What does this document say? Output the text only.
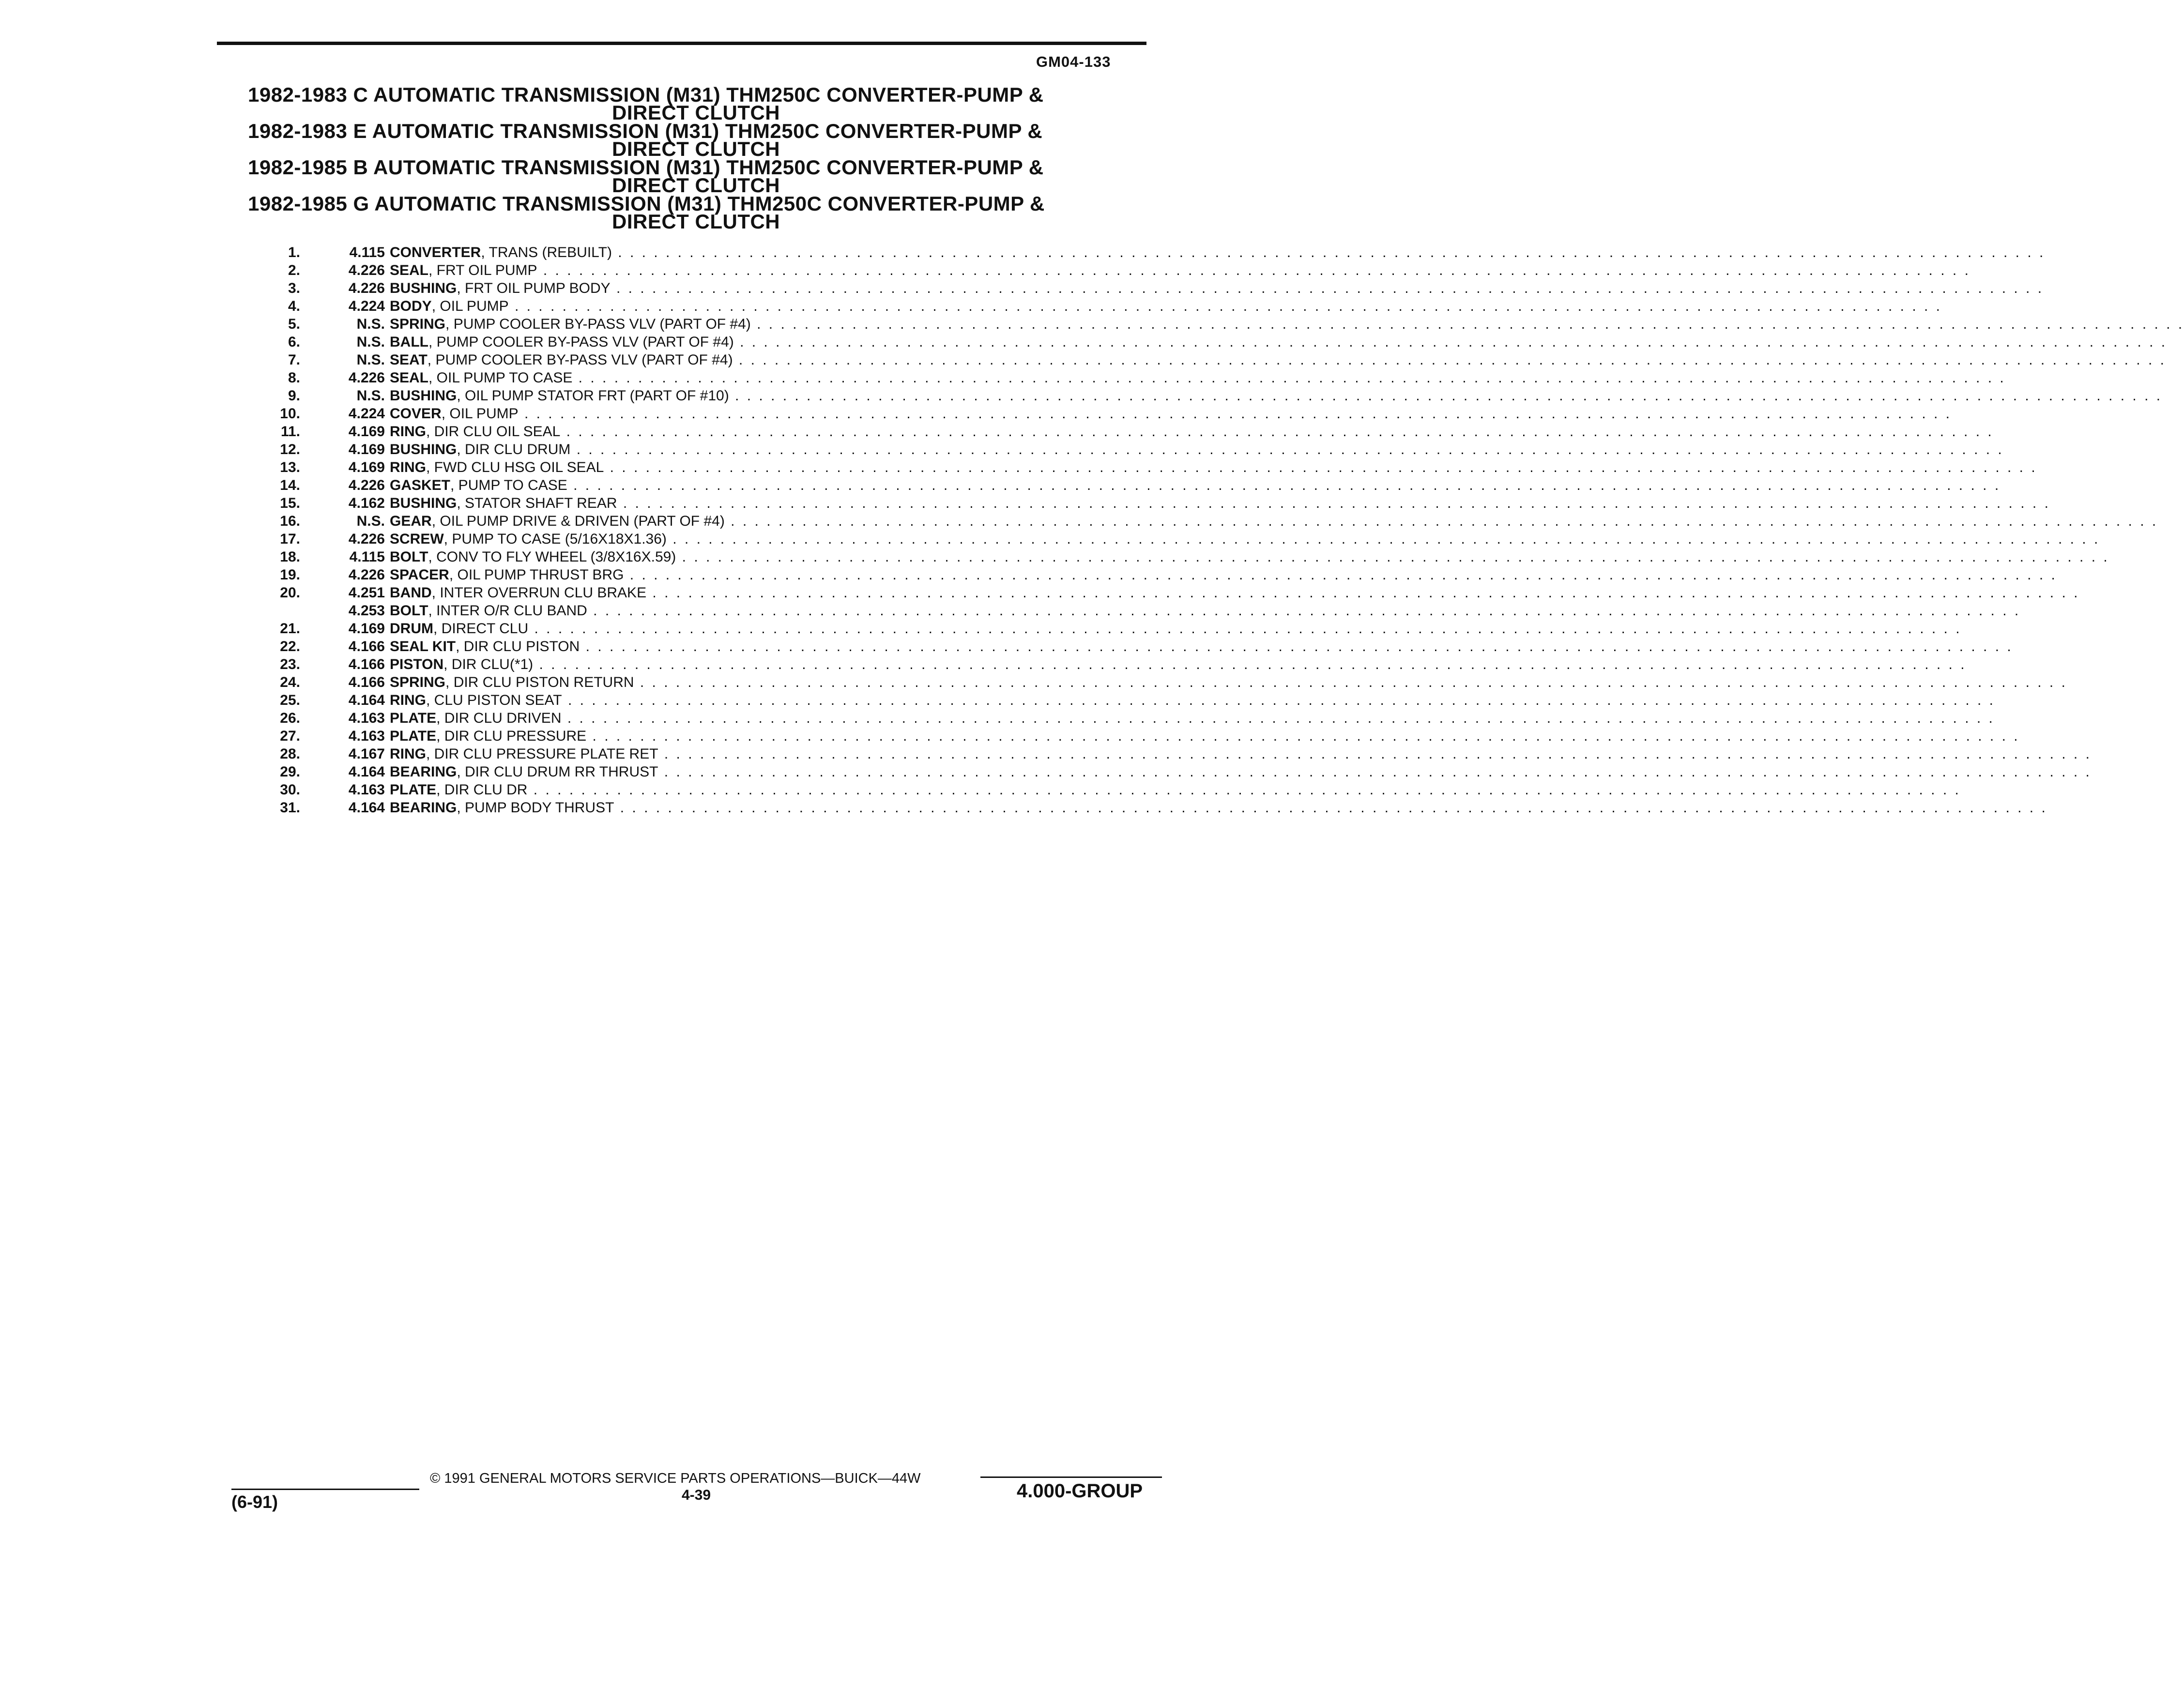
GM04-133
1982-1983 C AUTOMATIC TRANSMISSION (M31) THM250C CONVERTER-PUMP &
DIRECT CLUTCH
1982-1983 E AUTOMATIC TRANSMISSION (M31) THM250C CONVERTER-PUMP &
DIRECT CLUTCH
1982-1985 B AUTOMATIC TRANSMISSION (M31) THM250C CONVERTER-PUMP &
DIRECT CLUTCH
1982-1985 G AUTOMATIC TRANSMISSION (M31) THM250C CONVERTER-PUMP &
DIRECT CLUTCH
1.	4.115 CONVERTER, TRANS (REBUILT) . . . . . . . . . . . . . . . . . . . . . . . . . . . . . . . . . . . . . . . . . . . . . . . . . . . . . . . . . . . . . . . . . . . . . . . . . . . . . . . . . . . . . . . . . . . . . . . . . . . . . . . . . . . . . . . . . . . . . . . .
2.	4.226 SEAL, FRT OIL PUMP . . . . . . . . . . . . . . . . . . . . . . . . . . . . . . . . . . . . . . . . . . . . . . . . . . . . . . . . . . . . . . . . . . . . . . . . . . . . . . . . . . . . . . . . . . . . . . . . . . . . . . . . . . . . . . . . . . . . . . . .
3.	4.226 BUSHING, FRT OIL PUMP BODY . . . . . . . . . . . . . . . . . . . . . . . . . . . . . . . . . . . . . . . . . . . . . . . . . . . . . . . . . . . . . . . . . . . . . . . . . . . . . . . . . . . . . . . . . . . . . . . . . . . . . . . . . . . . . . . . . . . . . . . .
4.	4.224 BODY, OIL PUMP . . . . . . . . . . . . . . . . . . . . . . . . . . . . . . . . . . . . . . . . . . . . . . . . . . . . . . . . . . . . . . . . . . . . . . . . . . . . . . . . . . . . . . . . . . . . . . . . . . . . . . . . . . . . . . . . . . . . . . . .
5.	N.S. SPRING, PUMP COOLER BY-PASS VLV (PART OF #4) . . . . . . . . . . . . . . . . . . . . . . . . . . . . . . . . . . . . . . . . . . . . . . . . . . . . . . . . . . . . . . . . . . . . . . . . . . . . . . . . . . . . . . . . . . . . . . . . . . . . . . . . . . . . . . . . . . . . . . . .
6.	N.S. BALL, PUMP COOLER BY-PASS VLV (PART OF #4) . . . . . . . . . . . . . . . . . . . . . . . . . . . . . . . . . . . . . . . . . . . . . . . . . . . . . . . . . . . . . . . . . . . . . . . . . . . . . . . . . . . . . . . . . . . . . . . . . . . . . . . . . . . . . . . . . . . . . . . .
7.	N.S. SEAT, PUMP COOLER BY-PASS VLV (PART OF #4) . . . . . . . . . . . . . . . . . . . . . . . . . . . . . . . . . . . . . . . . . . . . . . . . . . . . . . . . . . . . . . . . . . . . . . . . . . . . . . . . . . . . . . . . . . . . . . . . . . . . . . . . . . . . . . . . . . . . . . . .
8.	4.226 SEAL, OIL PUMP TO CASE . . . . . . . . . . . . . . . . . . . . . . . . . . . . . . . . . . . . . . . . . . . . . . . . . . . . . . . . . . . . . . . . . . . . . . . . . . . . . . . . . . . . . . . . . . . . . . . . . . . . . . . . . . . . . . . . . . . . . . . .
9.	N.S. BUSHING, OIL PUMP STATOR FRT (PART OF #10) . . . . . . . . . . . . . . . . . . . . . . . . . . . . . . . . . . . . . . . . . . . . . . . . . . . . . . . . . . . . . . . . . . . . . . . . . . . . . . . . . . . . . . . . . . . . . . . . . . . . . . . . . . . . . . . . . . . . . . . .
10.	4.224 COVER, OIL PUMP . . . . . . . . . . . . . . . . . . . . . . . . . . . . . . . . . . . . . . . . . . . . . . . . . . . . . . . . . . . . . . . . . . . . . . . . . . . . . . . . . . . . . . . . . . . . . . . . . . . . . . . . . . . . . . . . . . . . . . . .
11.	4.169 RING, DIR CLU OIL SEAL . . . . . . . . . . . . . . . . . . . . . . . . . . . . . . . . . . . . . . . . . . . . . . . . . . . . . . . . . . . . . . . . . . . . . . . . . . . . . . . . . . . . . . . . . . . . . . . . . . . . . . . . . . . . . . . . . . . . . . . .
12.	4.169 BUSHING, DIR CLU DRUM . . . . . . . . . . . . . . . . . . . . . . . . . . . . . . . . . . . . . . . . . . . . . . . . . . . . . . . . . . . . . . . . . . . . . . . . . . . . . . . . . . . . . . . . . . . . . . . . . . . . . . . . . . . . . . . . . . . . . . . .
13.	4.169 RING, FWD CLU HSG OIL SEAL . . . . . . . . . . . . . . . . . . . . . . . . . . . . . . . . . . . . . . . . . . . . . . . . . . . . . . . . . . . . . . . . . . . . . . . . . . . . . . . . . . . . . . . . . . . . . . . . . . . . . . . . . . . . . . . . . . . . . . . .
14.	4.226 GASKET, PUMP TO CASE . . . . . . . . . . . . . . . . . . . . . . . . . . . . . . . . . . . . . . . . . . . . . . . . . . . . . . . . . . . . . . . . . . . . . . . . . . . . . . . . . . . . . . . . . . . . . . . . . . . . . . . . . . . . . . . . . . . . . . . .
15.	4.162 BUSHING, STATOR SHAFT REAR . . . . . . . . . . . . . . . . . . . . . . . . . . . . . . . . . . . . . . . . . . . . . . . . . . . . . . . . . . . . . . . . . . . . . . . . . . . . . . . . . . . . . . . . . . . . . . . . . . . . . . . . . . . . . . . . . . . . . . . .
16.	N.S. GEAR, OIL PUMP DRIVE & DRIVEN (PART OF #4) . . . . . . . . . . . . . . . . . . . . . . . . . . . . . . . . . . . . . . . . . . . . . . . . . . . . . . . . . . . . . . . . . . . . . . . . . . . . . . . . . . . . . . . . . . . . . . . . . . . . . . . . . . . . . . . . . . . . . . . .
17.	4.226 SCREW, PUMP TO CASE (5/16X18X1.36) . . . . . . . . . . . . . . . . . . . . . . . . . . . . . . . . . . . . . . . . . . . . . . . . . . . . . . . . . . . . . . . . . . . . . . . . . . . . . . . . . . . . . . . . . . . . . . . . . . . . . . . . . . . . . . . . . . . . . . . .
18.	4.115 BOLT, CONV TO FLY WHEEL (3/8X16X.59) . . . . . . . . . . . . . . . . . . . . . . . . . . . . . . . . . . . . . . . . . . . . . . . . . . . . . . . . . . . . . . . . . . . . . . . . . . . . . . . . . . . . . . . . . . . . . . . . . . . . . . . . . . . . . . . . . . . . . . . .
19.	4.226 SPACER, OIL PUMP THRUST BRG . . . . . . . . . . . . . . . . . . . . . . . . . . . . . . . . . . . . . . . . . . . . . . . . . . . . . . . . . . . . . . . . . . . . . . . . . . . . . . . . . . . . . . . . . . . . . . . . . . . . . . . . . . . . . . . . . . . . . . . .
20.	4.251 BAND, INTER OVERRUN CLU BRAKE . . . . . . . . . . . . . . . . . . . . . . . . . . . . . . . . . . . . . . . . . . . . . . . . . . . . . . . . . . . . . . . . . . . . . . . . . . . . . . . . . . . . . . . . . . . . . . . . . . . . . . . . . . . . . . . . . . . . . . . .
4.253 BOLT, INTER O/R CLU BAND . . . . . . . . . . . . . . . . . . . . . . . . . . . . . . . . . . . . . . . . . . . . . . . . . . . . . . . . . . . . . . . . . . . . . . . . . . . . . . . . . . . . . . . . . . . . . . . . . . . . . . . . . . . . . . . . . . . . . . . .
21.	4.169 DRUM, DIRECT CLU . . . . . . . . . . . . . . . . . . . . . . . . . . . . . . . . . . . . . . . . . . . . . . . . . . . . . . . . . . . . . . . . . . . . . . . . . . . . . . . . . . . . . . . . . . . . . . . . . . . . . . . . . . . . . . . . . . . . . . . .
22.	4.166 SEAL KIT, DIR CLU PISTON . . . . . . . . . . . . . . . . . . . . . . . . . . . . . . . . . . . . . . . . . . . . . . . . . . . . . . . . . . . . . . . . . . . . . . . . . . . . . . . . . . . . . . . . . . . . . . . . . . . . . . . . . . . . . . . . . . . . . . . .
23.	4.166 PISTON, DIR CLU(*1) . . . . . . . . . . . . . . . . . . . . . . . . . . . . . . . . . . . . . . . . . . . . . . . . . . . . . . . . . . . . . . . . . . . . . . . . . . . . . . . . . . . . . . . . . . . . . . . . . . . . . . . . . . . . . . . . . . . . . . . .
24.	4.166 SPRING, DIR CLU PISTON RETURN . . . . . . . . . . . . . . . . . . . . . . . . . . . . . . . . . . . . . . . . . . . . . . . . . . . . . . . . . . . . . . . . . . . . . . . . . . . . . . . . . . . . . . . . . . . . . . . . . . . . . . . . . . . . . . . . . . . . . . . .
25.	4.164 RING, CLU PISTON SEAT . . . . . . . . . . . . . . . . . . . . . . . . . . . . . . . . . . . . . . . . . . . . . . . . . . . . . . . . . . . . . . . . . . . . . . . . . . . . . . . . . . . . . . . . . . . . . . . . . . . . . . . . . . . . . . . . . . . . . . . .
26.	4.163 PLATE, DIR CLU DRIVEN . . . . . . . . . . . . . . . . . . . . . . . . . . . . . . . . . . . . . . . . . . . . . . . . . . . . . . . . . . . . . . . . . . . . . . . . . . . . . . . . . . . . . . . . . . . . . . . . . . . . . . . . . . . . . . . . . . . . . . . .
27.	4.163 PLATE, DIR CLU PRESSURE . . . . . . . . . . . . . . . . . . . . . . . . . . . . . . . . . . . . . . . . . . . . . . . . . . . . . . . . . . . . . . . . . . . . . . . . . . . . . . . . . . . . . . . . . . . . . . . . . . . . . . . . . . . . . . . . . . . . . . . .
28.	4.167 RING, DIR CLU PRESSURE PLATE RET . . . . . . . . . . . . . . . . . . . . . . . . . . . . . . . . . . . . . . . . . . . . . . . . . . . . . . . . . . . . . . . . . . . . . . . . . . . . . . . . . . . . . . . . . . . . . . . . . . . . . . . . . . . . . . . . . . . . . . . .
29.	4.164 BEARING, DIR CLU DRUM RR THRUST . . . . . . . . . . . . . . . . . . . . . . . . . . . . . . . . . . . . . . . . . . . . . . . . . . . . . . . . . . . . . . . . . . . . . . . . . . . . . . . . . . . . . . . . . . . . . . . . . . . . . . . . . . . . . . . . . . . . . . . .
30.	4.163 PLATE, DIR CLU DR . . . . . . . . . . . . . . . . . . . . . . . . . . . . . . . . . . . . . . . . . . . . . . . . . . . . . . . . . . . . . . . . . . . . . . . . . . . . . . . . . . . . . . . . . . . . . . . . . . . . . . . . . . . . . . . . . . . . . . . .
31.	4.164 BEARING, PUMP BODY THRUST . . . . . . . . . . . . . . . . . . . . . . . . . . . . . . . . . . . . . . . . . . . . . . . . . . . . . . . . . . . . . . . . . . . . . . . . . . . . . . . . . . . . . . . . . . . . . . . . . . . . . . . . . . . . . . . . . . . . . . . .
© 1991 GENERAL MOTORS SERVICE PARTS OPERATIONS—BUICK—44W
(6-91)	4-39	4.000-GROUP
